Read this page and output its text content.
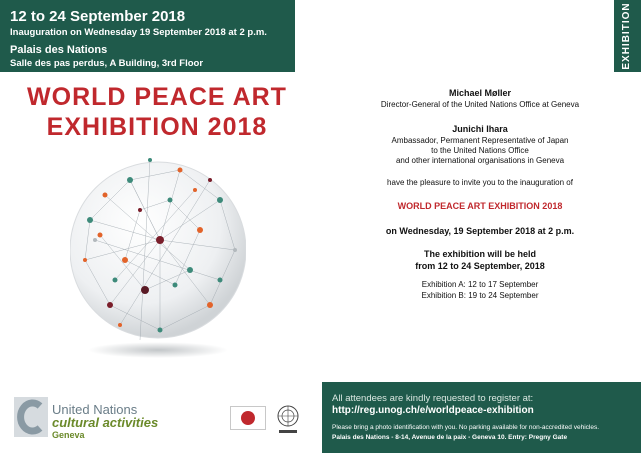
12 to 24 September 2018
Inauguration on Wednesday 19 September 2018 at 2 p.m.
Palais des Nations
Salle des pas perdus, A Building, 3rd Floor	EXHIBITION	EXHIBITION
WORLD PEACE ART
EXHIBITION 2018
United Nations
cultural activities
Geneva
Michael Møller
Director-General of the United Nations Office at Geneva
Junichi Ihara
Ambassador, Permanent Representative of Japan
to the United Nations Office
and other international organisations in Geneva
have the pleasure to invite you to the inauguration of
WORLD PEACE ART EXHIBITION 2018
on Wednesday, 19 September 2018 at 2 p.m.
The exhibition will be held
from 12 to 24 September, 2018
Exhibition A: 12 to 17 September
Exhibition B: 19 to 24 September
All attendees are kindly requested to register at:
http://reg.unog.ch/e/worldpeace-exhibition
Please bring a photo identification with you. No parking available for non-accredited vehicles.
Palais des Nations - 8-14, Avenue de la paix - Geneva 10. Entry: Pregny Gate
